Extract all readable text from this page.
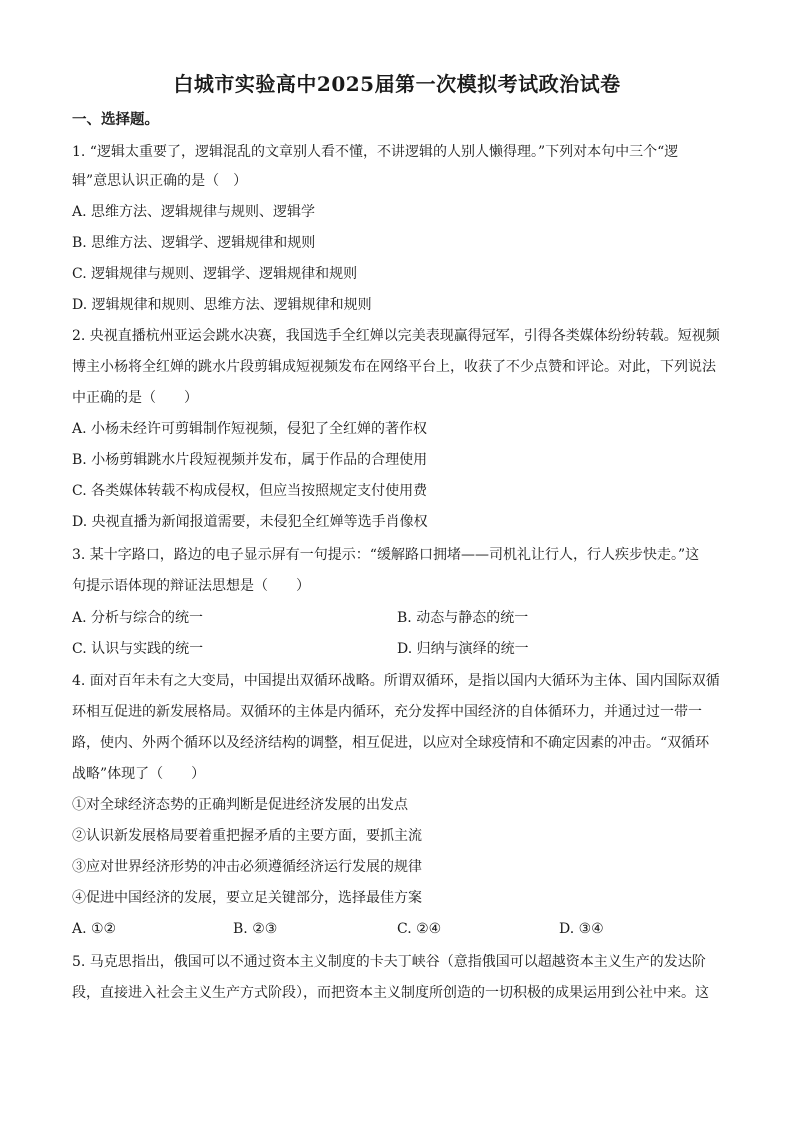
白城市实验高中2025届第一次模拟考试政治试卷
一、选择题。
1. “逻辑太重要了，逻辑混乱的文章别人看不懂，不讲逻辑的人别人懒得理。”下列对本句中三个“逻
辑”意思认识正确的是（　）
A. 思维方法、逻辑规律与规则、逻辑学
B. 思维方法、逻辑学、逻辑规律和规则
C. 逻辑规律与规则、逻辑学、逻辑规律和规则
D. 逻辑规律和规则、思维方法、逻辑规律和规则
2. 央视直播杭州亚运会跳水决赛，我国选手全红婵以完美表现赢得冠军，引得各类媒体纷纷转载。短视频
博主小杨将全红婵的跳水片段剪辑成短视频发布在网络平台上，收获了不少点赞和评论。对此，下列说法
中正确的是（　　）
A. 小杨未经许可剪辑制作短视频，侵犯了全红婵的著作权
B. 小杨剪辑跳水片段短视频并发布，属于作品的合理使用
C. 各类媒体转载不构成侵权，但应当按照规定支付使用费
D. 央视直播为新闻报道需要，未侵犯全红婵等选手肖像权
3. 某十字路口，路边的电子显示屏有一句提示：“缓解路口拥堵——司机礼让行人，行人疾步快走。”这
句提示语体现的辩证法思想是（　　）
A. 分析与综合的统一	B. 动态与静态的统一
C. 认识与实践的统一	D. 归纳与演绎的统一
4. 面对百年未有之大变局，中国提出双循环战略。所谓双循环，是指以国内大循环为主体、国内国际双循
环相互促进的新发展格局。双循环的主体是内循环，充分发挥中国经济的自体循环力，并通过过一带一
路，使内、外两个循环以及经济结构的调整，相互促进，以应对全球疫情和不确定因素的冲击。“双循环
战略”体现了（　　）
①对全球经济态势的正确判断是促进经济发展的出发点
②认识新发展格局要着重把握矛盾的主要方面，要抓主流
③应对世界经济形势的冲击必须遵循经济运行发展的规律
④促进中国经济的发展，要立足关键部分，选择最佳方案
A. ①②	B. ②③	C. ②④	D. ③④
5. 马克思指出，俄国可以不通过资本主义制度的卡夫丁峡谷（意指俄国可以超越资本主义生产的发达阶
段，直接进入社会主义生产方式阶段），而把资本主义制度所创造的一切积极的成果运用到公社中来。这
